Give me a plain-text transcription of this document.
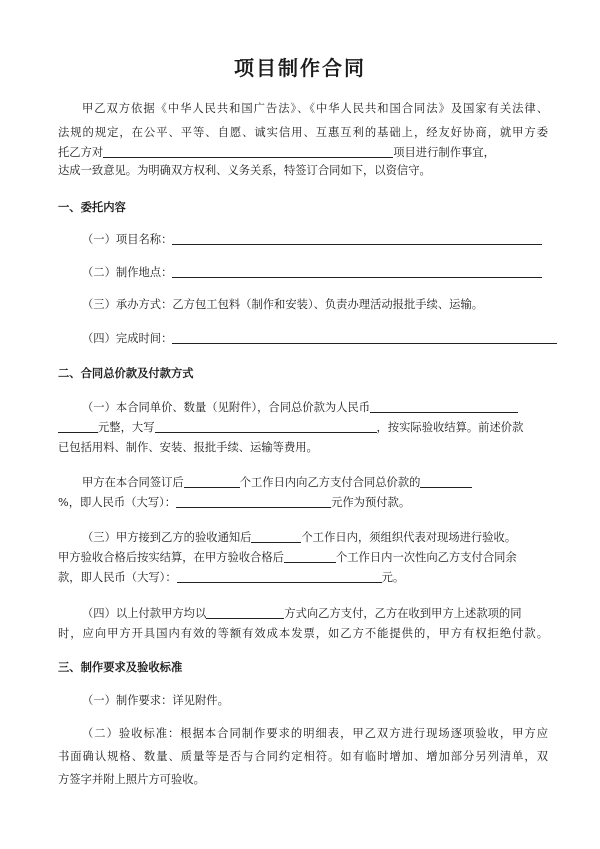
项目制作合同
甲乙双方依据《中华人民共和国广告法》、《中华人民共和国合同法》及国家有关法律、
法规的规定，在公平、平等、自愿、诚实信用、互惠互利的基础上，经友好协商，就甲方委
托乙方对	项目进行制作事宜，
达成一致意见。为明确双方权利、义务关系，特签订合同如下，以资信守。
一、委托内容
（一）项目名称：
（二）制作地点：
（三）承办方式：乙方包工包料（制作和安装）、负责办理活动报批手续、运输。
（四）完成时间：
二、合同总价款及付款方式
（一）本合同单价、数量（见附件），合同总价款为人民币
元整，大写	，按实际验收结算。前述价款
已包括用料、制作、安装、报批手续、运输等费用。
甲方在本合同签订后	个工作日内向乙方支付合同总价款的
%，即人民币（大写）：	元作为预付款。
（三）甲方接到乙方的验收通知后	个工作日内，须组织代表对现场进行验收。
甲方验收合格后按实结算，在甲方验收合格后	个工作日内一次性向乙方支付合同余
款，即人民币（大写）：	元。
（四）以上付款甲方均以	方式向乙方支付，乙方在收到甲方上述款项的同
时，应向甲方开具国内有效的等额有效成本发票，如乙方不能提供的，甲方有权拒绝付款。
三、制作要求及验收标准
（一）制作要求：详见附件。
（二）验收标准：根据本合同制作要求的明细表，甲乙双方进行现场逐项验收，甲方应
书面确认规格、数量、质量等是否与合同约定相符。如有临时增加、增加部分另列清单，双
方签字并附上照片方可验收。
